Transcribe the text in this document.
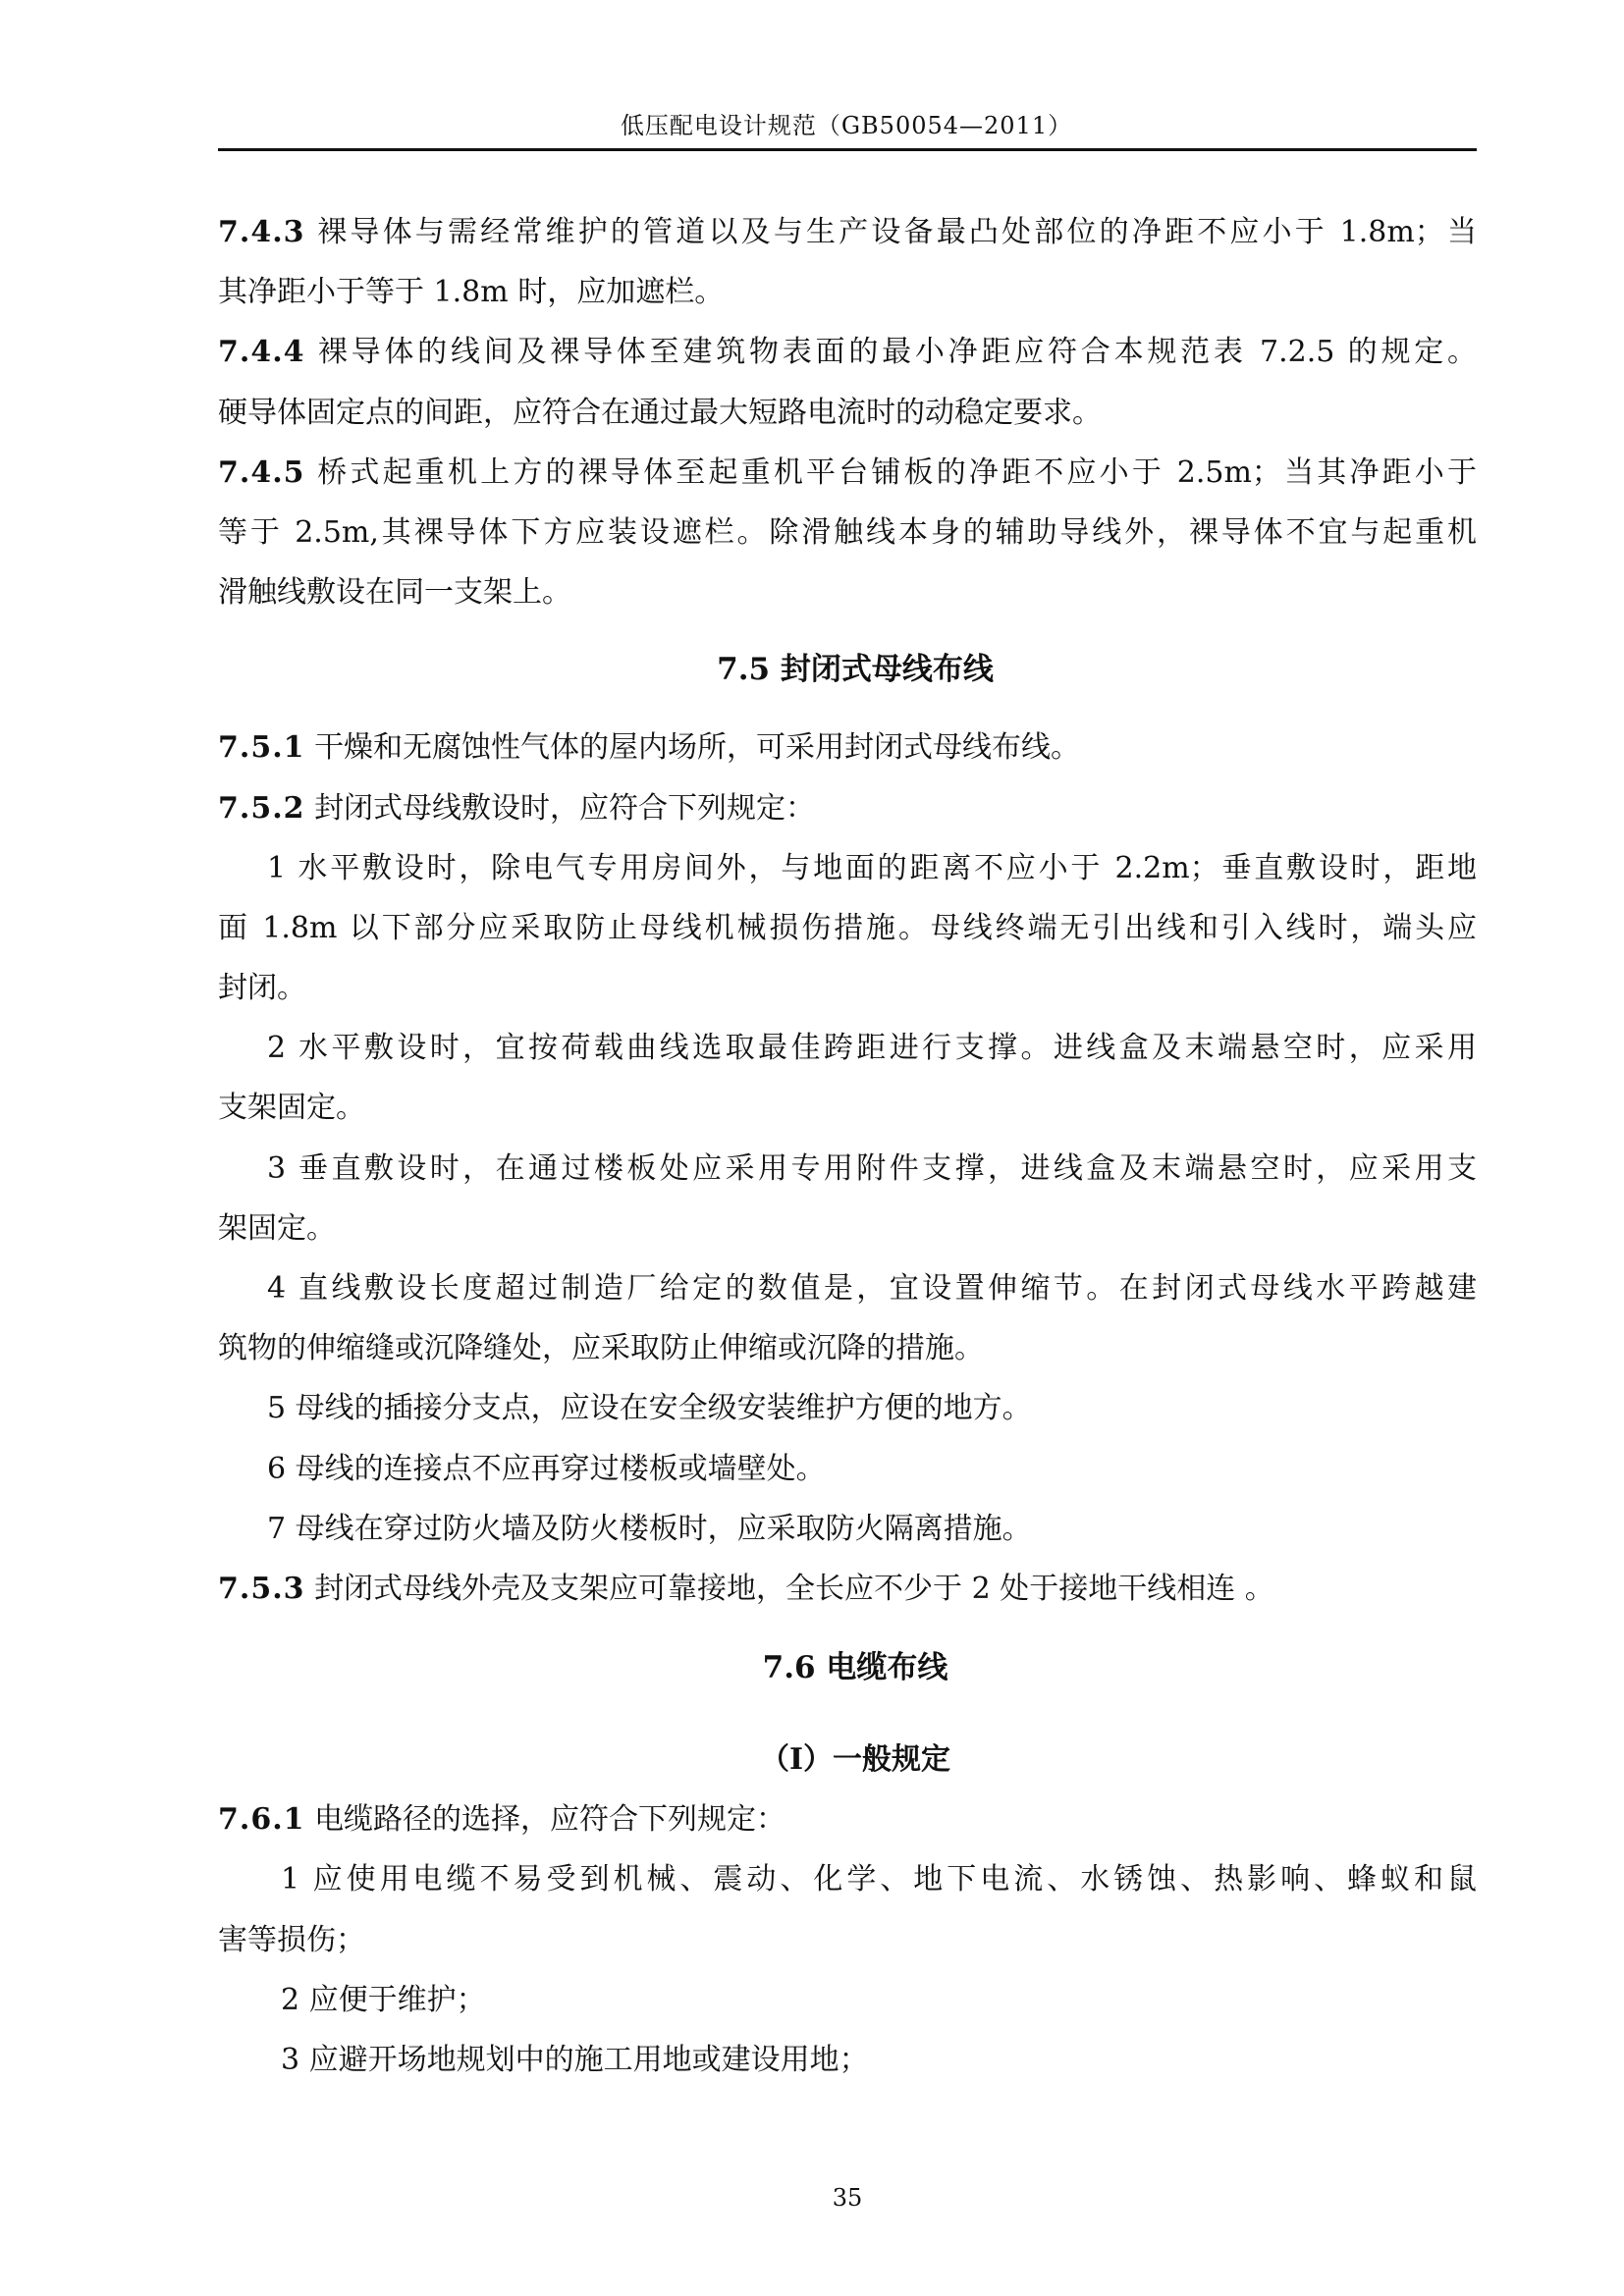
低压配电设计规范（GB50054—2011）
7.4.3 裸导体与需经常维护的管道以及与生产设备最凸处部位的净距不应小于 1.8m；当
其净距小于等于 1.8m 时，应加遮栏。
7.4.4 裸导体的线间及裸导体至建筑物表面的最小净距应符合本规范表 7.2.5 的规定。
硬导体固定点的间距，应符合在通过最大短路电流时的动稳定要求。
7.4.5 桥式起重机上方的裸导体至起重机平台铺板的净距不应小于 2.5m；当其净距小于
等于 2.5m,其裸导体下方应装设遮栏。除滑触线本身的辅助导线外，裸导体不宜与起重机
滑触线敷设在同一支架上。
7.5 封闭式母线布线
7.5.1 干燥和无腐蚀性气体的屋内场所，可采用封闭式母线布线。
7.5.2 封闭式母线敷设时，应符合下列规定：
1 水平敷设时，除电气专用房间外，与地面的距离不应小于 2.2m；垂直敷设时，距地
面 1.8m 以下部分应采取防止母线机械损伤措施。母线终端无引出线和引入线时，端头应
封闭。
2 水平敷设时，宜按荷载曲线选取最佳跨距进行支撑。进线盒及末端悬空时，应采用
支架固定。
3 垂直敷设时，在通过楼板处应采用专用附件支撑，进线盒及末端悬空时，应采用支
架固定。
4 直线敷设长度超过制造厂给定的数值是，宜设置伸缩节。在封闭式母线水平跨越建
筑物的伸缩缝或沉降缝处，应采取防止伸缩或沉降的措施。
5 母线的插接分支点，应设在安全级安装维护方便的地方。
6 母线的连接点不应再穿过楼板或墙壁处。
7 母线在穿过防火墙及防火楼板时，应采取防火隔离措施。
7.5.3 封闭式母线外壳及支架应可靠接地，全长应不少于 2 处于接地干线相连 。
7.6 电缆布线
（Ⅰ）一般规定
7.6.1 电缆路径的选择，应符合下列规定：
1 应使用电缆不易受到机械、震动、化学、地下电流、水锈蚀、热影响、蜂蚁和鼠
害等损伤；
2 应便于维护；
3 应避开场地规划中的施工用地或建设用地；
35
